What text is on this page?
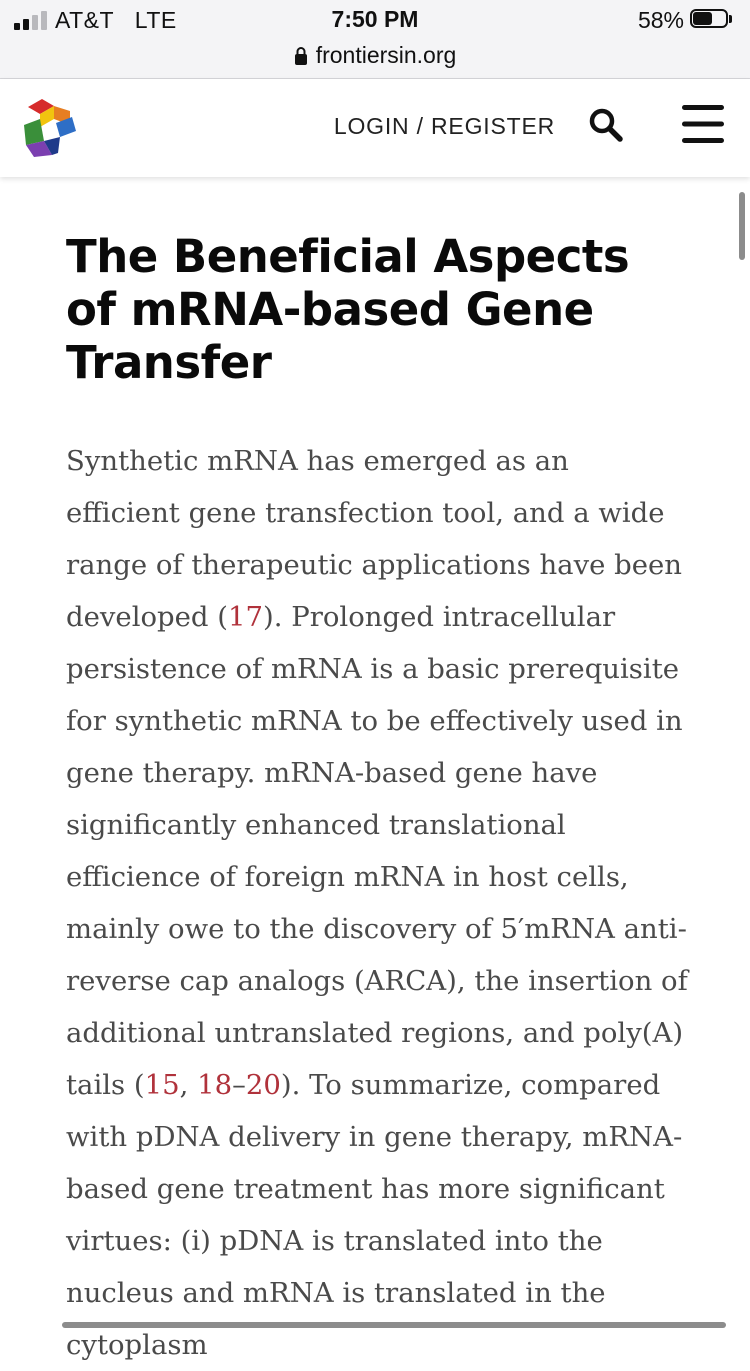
AT&T LTE	7:50 PM	58%
frontiersin.org
LOGIN / REGISTER
The Beneficial Aspects of mRNA-based Gene Transfer

Synthetic mRNA has emerged as an efficient gene transfection tool, and a wide range of therapeutic applications have been developed (17). Prolonged intracellular persistence of mRNA is a basic prerequisite for synthetic mRNA to be effectively used in gene therapy. mRNA-based gene have significantly enhanced translational efficience of foreign mRNA in host cells, mainly owe to the discovery of 5′mRNA anti-reverse cap analogs (ARCA), the insertion of additional untranslated regions, and poly(A) tails (15, 18–20). To summarize, compared with pDNA delivery in gene therapy, mRNA-based gene treatment has more significant virtues: (i) pDNA is translated into the nucleus and mRNA is translated in the cytoplasm
